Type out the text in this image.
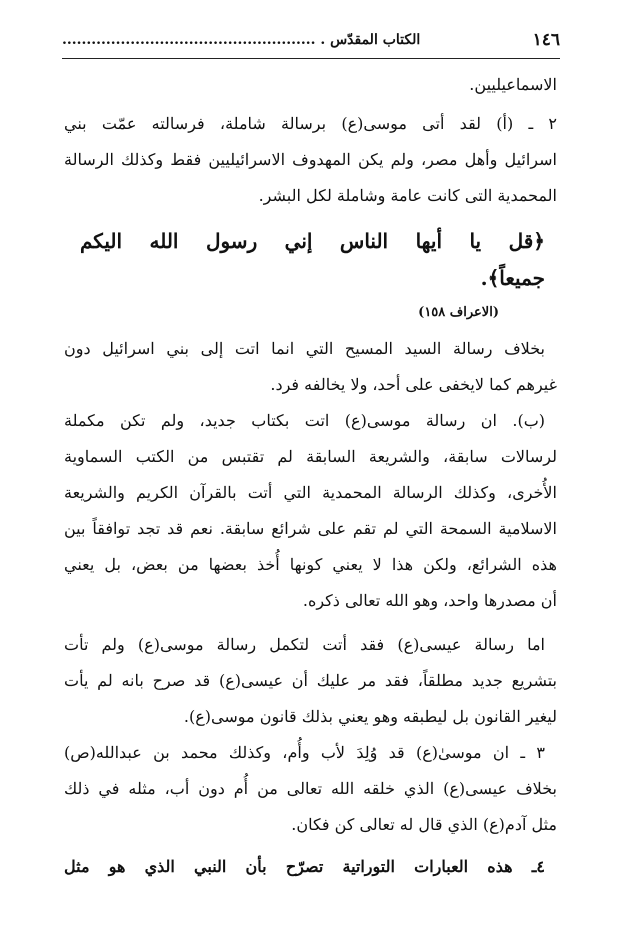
١٤٦
الكتاب المقدّس . ....................................................
الاسماعيليين.
٢ ـ (أ) لقد أتى موسى(ع) برسالة شاملة، فرسالته عمّت بني
اسرائيل وأهل مصر، ولم يكن المهدوف الاسرائيليين فقط وكذلك الرسالة
المحمدية التى كانت عامة وشاملة لكل البشر.
﴿قل يا أيها الناس إني رسول الله اليكم
جميعاً﴾.
(الاعراف ١٥٨)
بخلاف رسالة السيد المسيح التي انما اتت إلى بني اسرائيل دون
غيرهم كما لايخفى على أحد، ولا يخالفه فرد.
(ب). ان رسالة موسى(ع) اتت بكتاب جديد، ولم تكن مكملة
لرسالات سابقة، والشريعة السابقة لم تقتبس من الكتب السماوية
الأُخرى، وكذلك الرسالة المحمدية التي أتت بالقرآن الكريم والشريعة
الاسلامية السمحة التي لم تقم على شرائع سابقة. نعم قد تجد توافقاً بين
هذه الشرائع، ولكن هذا لا يعني كونها أُخذ بعضها من بعض، بل يعني
أن مصدرها واحد، وهو الله تعالى ذكره.
اما رسالة عيسى(ع) فقد أتت لتكمل رسالة موسى(ع) ولم تأت
بتشريع جديد مطلقاً، فقد مر عليك أن عيسى(ع) قد صرح بانه لم يأت
ليغير القانون بل ليطبقه وهو يعني بذلك قانون موسى(ع).
٣ ـ ان موسىٰ(ع) قد وُلِدَ لأب وأُم، وكذلك محمد بن عبدالله(ص)
بخلاف عيسى(ع) الذي خلقه الله تعالى من أُم دون أب، مثله في ذلك
مثل آدم(ع) الذي قال له تعالى كن فكان.
٤ـ هذه العبارات التوراتية تصرّح بأن النبي الذي هو مثل
